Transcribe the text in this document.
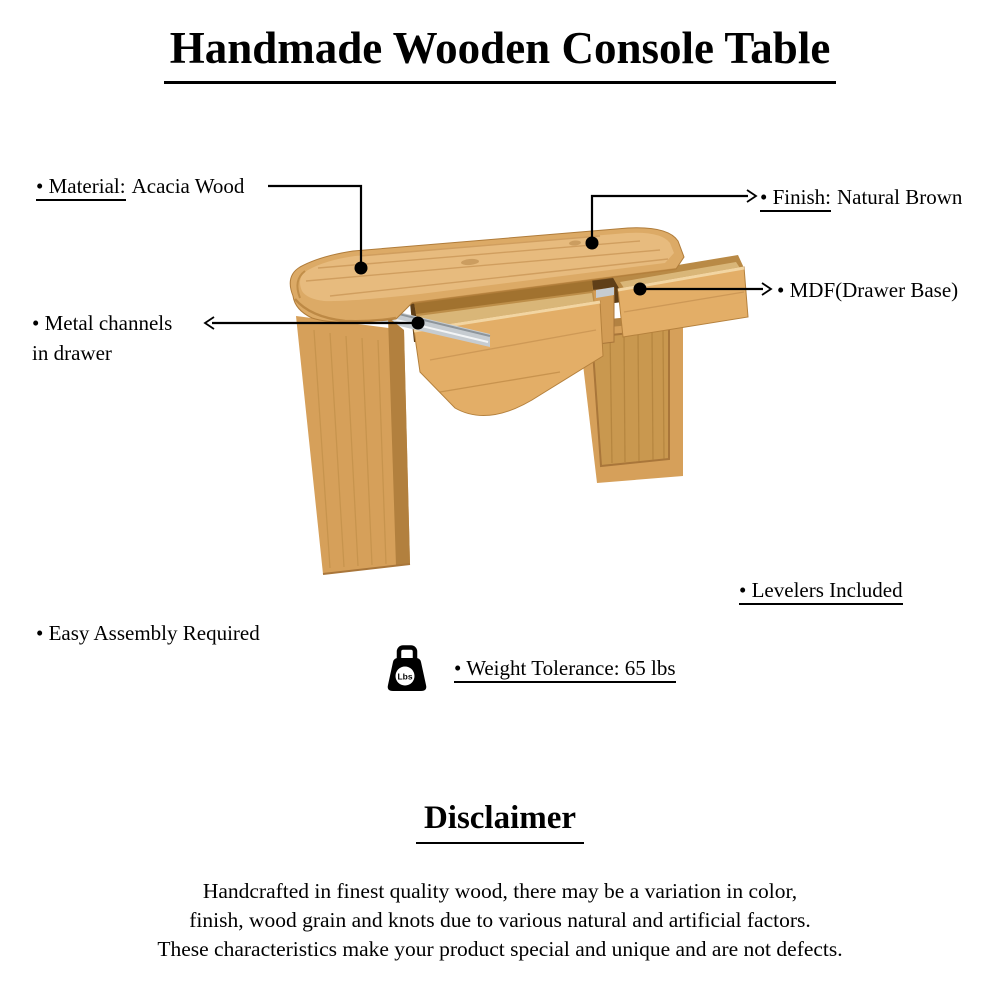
Handmade Wooden Console Table
• Material: Acacia Wood	• Finish: Natural Brown
• MDF(Drawer Base)
• Metal channels
in drawer
• Levelers Included
• Easy Assembly Required
Lbs • Weight Tolerance: 65 lbs
Disclaimer
Handcrafted in finest quality wood, there may be a variation in color,
finish, wood grain and knots due to various natural and artificial factors.
These characteristics make your product special and unique and are not defects.
